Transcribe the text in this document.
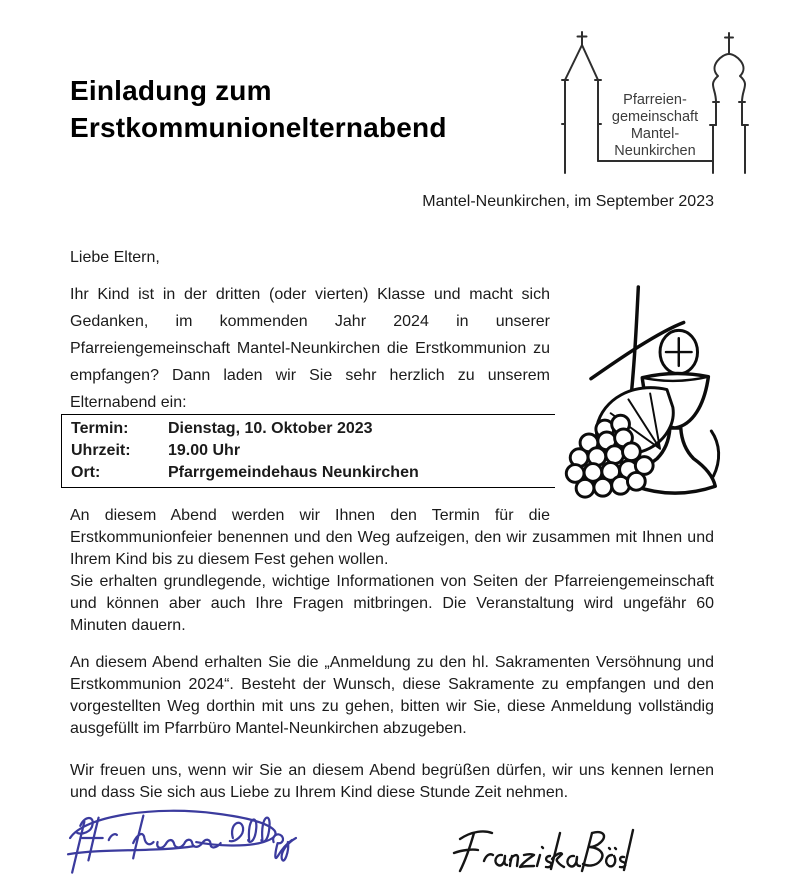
Pfarreien-
gemeinschaft
Mantel-
Neunkirchen
Einladung zum
Erstkommunionelternabend
Mantel-Neunkirchen, im September 2023
Liebe Eltern,

Ihr Kind ist in der dritten (oder vierten) Klasse und macht sich Gedanken, im kommenden Jahr 2024 in unserer Pfarreiengemeinschaft Mantel-Neunkirchen die Erstkommunion zu empfangen? Dann laden wir Sie sehr herzlich zu unserem Elternabend ein:

Termin:	Dienstag, 10. Oktober 2023
Uhrzeit:	19.00 Uhr
Ort:	Pfarrgemeindehaus Neunkirchen

An diesem Abend werden wir Ihnen den Termin für die Erstkommunionfeier benennen und den Weg aufzeigen, den wir zusammen mit Ihnen und Ihrem Kind bis zu diesem Fest gehen wollen.

Sie erhalten grundlegende, wichtige Informationen von Seiten der Pfarreiengemeinschaft und können aber auch Ihre Fragen mitbringen. Die Veranstaltung wird ungefähr 60 Minuten dauern.

An diesem Abend erhalten Sie die „Anmeldung zu den hl. Sakramenten Versöhnung und Erstkommunion 2024“. Besteht der Wunsch, diese Sakramente zu empfangen und den vorgestellten Weg dorthin mit uns zu gehen, bitten wir Sie, diese Anmeldung vollständig ausgefüllt im Pfarrbüro Mantel-Neunkirchen abzugeben.

Wir freuen uns, wenn wir Sie an diesem Abend begrüßen dürfen, wir uns kennen lernen und dass Sie sich aus Liebe zu Ihrem Kind diese Stunde Zeit nehmen.
